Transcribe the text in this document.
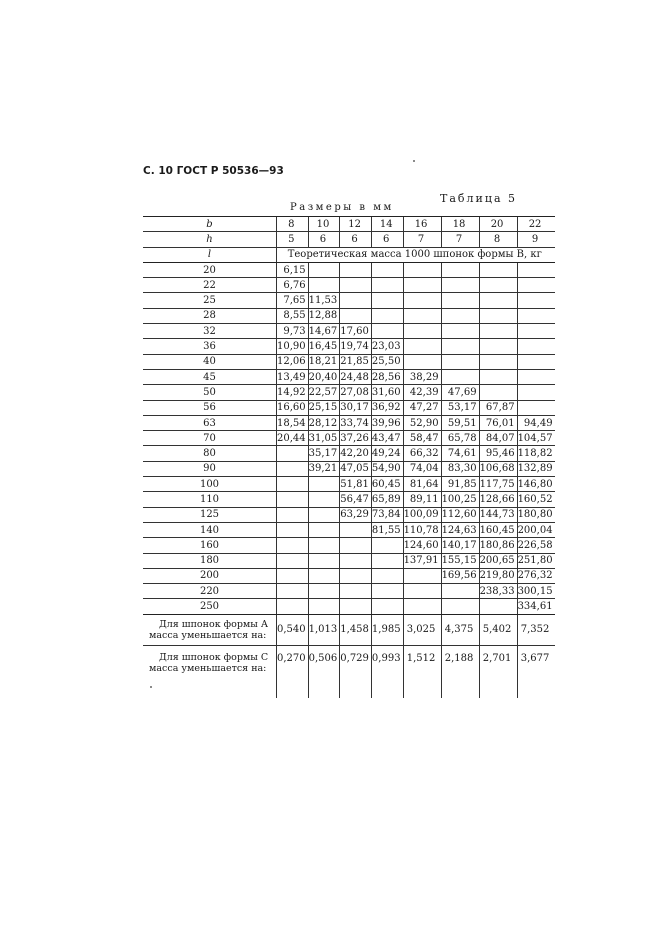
С. 10 ГОСТ Р 50536—93
Таблица 5
Размеры в мм
b	8	10	12	14	16	18	20	22
h	5	6	6	6	7	7	8	9
l	Теоретическая масса 1000 шпонок формы В, кг							
20	6,15							
22	6,76							
25	7,65	11,53						
28	8,55	12,88						
32	9,73	14,67	17,60					
36	10,90	16,45	19,74	23,03				
40	12,06	18,21	21,85	25,50				
45	13,49	20,40	24,48	28,56	38,29			
50	14,92	22,57	27,08	31,60	42,39	47,69		
56	16,60	25,15	30,17	36,92	47,27	53,17	67,87	
63	18,54	28,12	33,74	39,96	52,90	59,51	76,01	94,49
70	20,44	31,05	37,26	43,47	58,47	65,78	84,07	104,57
80		35,17	42,20	49,24	66,32	74,61	95,46	118,82
90		39,21	47,05	54,90	74,04	83,30	106,68	132,89
100			51,81	60,45	81,64	91,85	117,75	146,80
110			56,47	65,89	89,11	100,25	128,66	160,52
125			63,29	73,84	100,09	112,60	144,73	180,80
140				81,55	110,78	124,63	160,45	200,04
160					124,60	140,17	180,86	226,58
180					137,91	155,15	200,65	251,80
200						169,56	219,80	276,32
220							238,33	300,15
250								334,61

Для шпонок формы А
масса уменьшается на:	0,540	1,013	1,458	1,985	3,025	4,375	5,402	7,352

Для шпонок формы С
масса уменьшается на:	0,270	0,506	0,729	0,993	1,512	2,188	2,701	3,677
